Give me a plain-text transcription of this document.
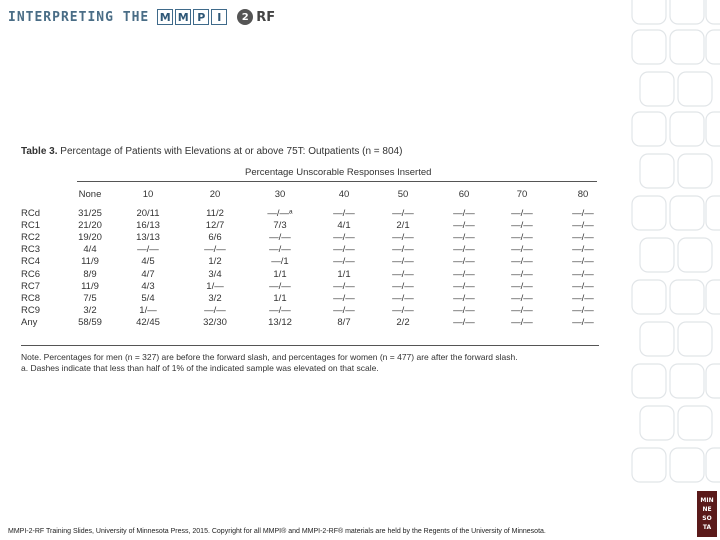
INTERPRETING THE M M P	I	2 RF
Table 3. Percentage of Patients with Elevations at or above 75T: Outpatients (n = 804)
Percentage Unscorable Responses Inserted
None	10	20	30	40	50	60	70	80
RCd	31/25	20/11	11/2	—/—ᵃ	—/—	—/—	—/—	—/—	—/—
RC1	21/20	16/13	12/7	7/3	4/1	2/1	—/—	—/—	—/—
RC2	19/20	13/13	6/6	—/—	—/—	—/—	—/—	—/—	—/—
RC3	4/4	—/—	—/—	—/—	—/—	—/—	—/—	—/—	—/—
RC4	11/9	4/5	1/2	—/1	—/—	—/—	—/—	—/—	—/—
RC6	8/9	4/7	3/4	1/1	1/1	—/—	—/—	—/—	—/—
RC7	11/9	4/3	1/—	—/—	—/—	—/—	—/—	—/—	—/—
RC8	7/5	5/4	3/2	1/1	—/—	—/—	—/—	—/—	—/—
RC9	3/2	1/—	—/—	—/—	—/—	—/—	—/—	—/—	—/—
Any	58/59	42/45	32/30	13/12	8/7	2/2	—/—	—/—	—/—
Note. Percentages for men (n = 327) are before the forward slash, and percentages for women (n = 477) are after the forward slash.
a. Dashes indicate that less than half of 1% of the indicated sample was elevated on that scale.
MMPI-2-RF Training Slides, University of Minnesota Press, 2015. Copyright for all MMPI® and MMPI-2-RF® materials are held by the Regents of the University of Minnesota.
MIN
NE
SO
TA
